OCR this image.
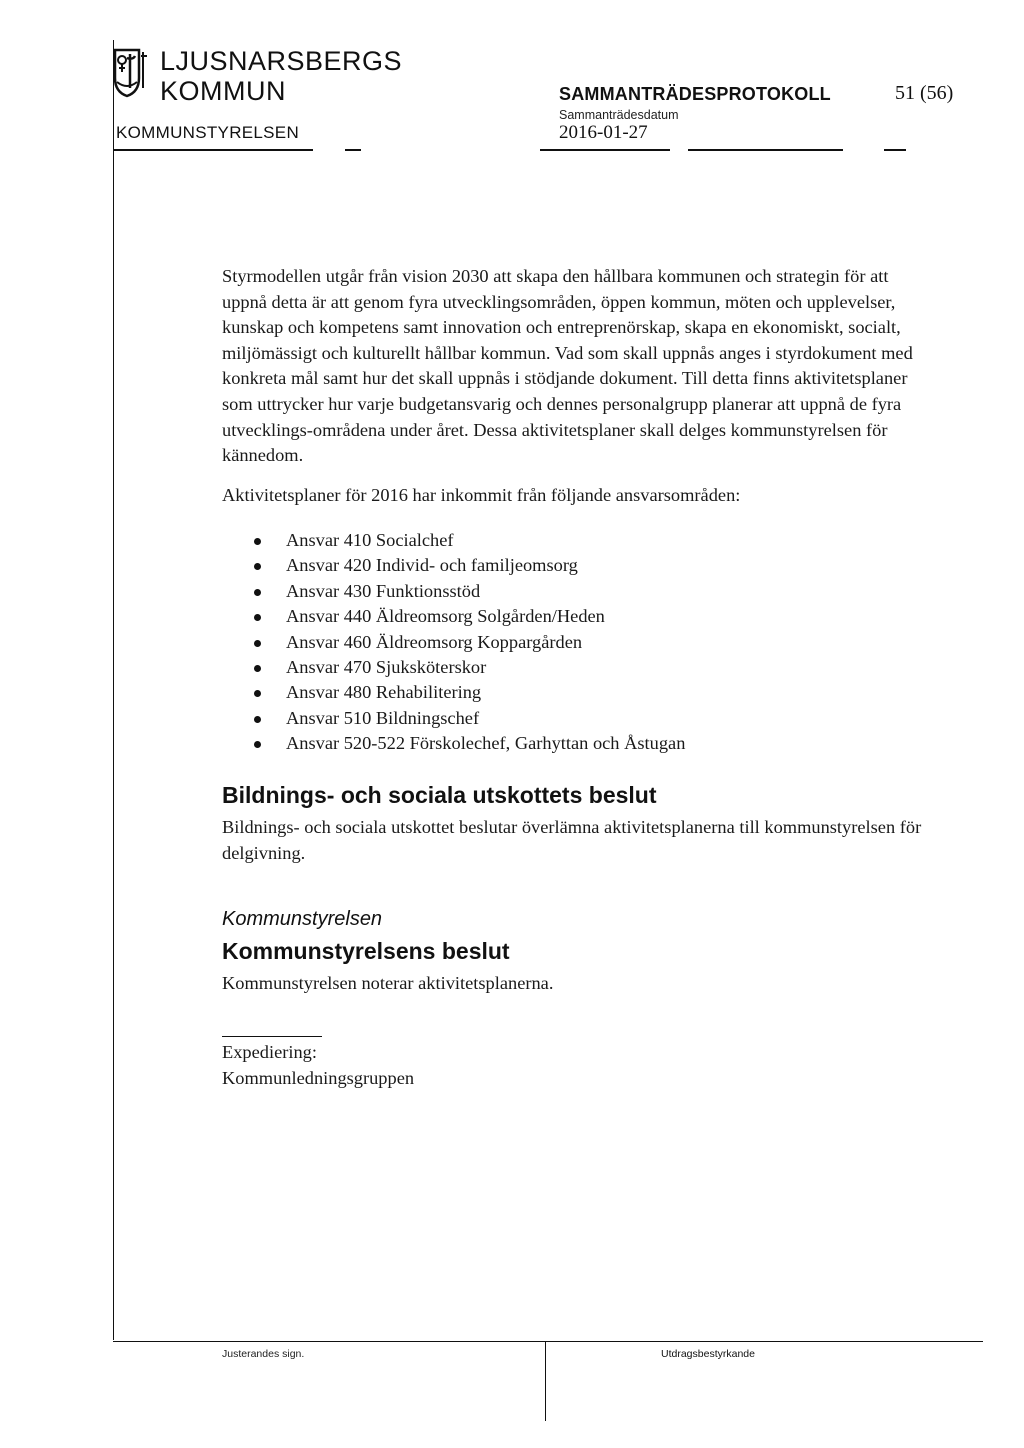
LJUSNARSBERGS
KOMMUN
KOMMUNSTYRELSEN
SAMMANTRÄDESPROTOKOLL
Sammanträdesdatum
2016-01-27
51 (56)
Styrmodellen utgår från vision 2030 att skapa den hållbara kommunen och strategin för att uppnå detta är att genom fyra utvecklingsområden, öppen kommun, möten och upplevelser, kunskap och kompetens samt innovation och entreprenörskap, skapa en ekonomiskt, socialt, miljömässigt och kulturellt hållbar kommun. Vad som skall uppnås anges i styrdokument med konkreta mål samt hur det skall uppnås i stödjande dokument. Till detta finns aktivitetsplaner som uttrycker hur varje budgetansvarig och dennes personalgrupp planerar att uppnå de fyra utvecklings-områdena under året. Dessa aktivitetsplaner skall delges kommunstyrelsen för kännedom.
Aktivitetsplaner för 2016 har inkommit från följande ansvarsområden:
Ansvar 410 Socialchef
Ansvar 420 Individ- och familjeomsorg
Ansvar 430 Funktionsstöd
Ansvar 440 Äldreomsorg Solgården/Heden
Ansvar 460 Äldreomsorg Koppargården
Ansvar 470 Sjuksköterskor
Ansvar 480 Rehabilitering
Ansvar 510 Bildningschef
Ansvar 520-522 Förskolechef, Garhyttan och Åstugan
Bildnings- och sociala utskottets beslut
Bildnings- och sociala utskottet beslutar överlämna aktivitetsplanerna till kommunstyrelsen för delgivning.
Kommunstyrelsen
Kommunstyrelsens beslut
Kommunstyrelsen noterar aktivitetsplanerna.
Expediering:
Kommunledningsgruppen
Justerandes sign.	Utdragsbestyrkande
